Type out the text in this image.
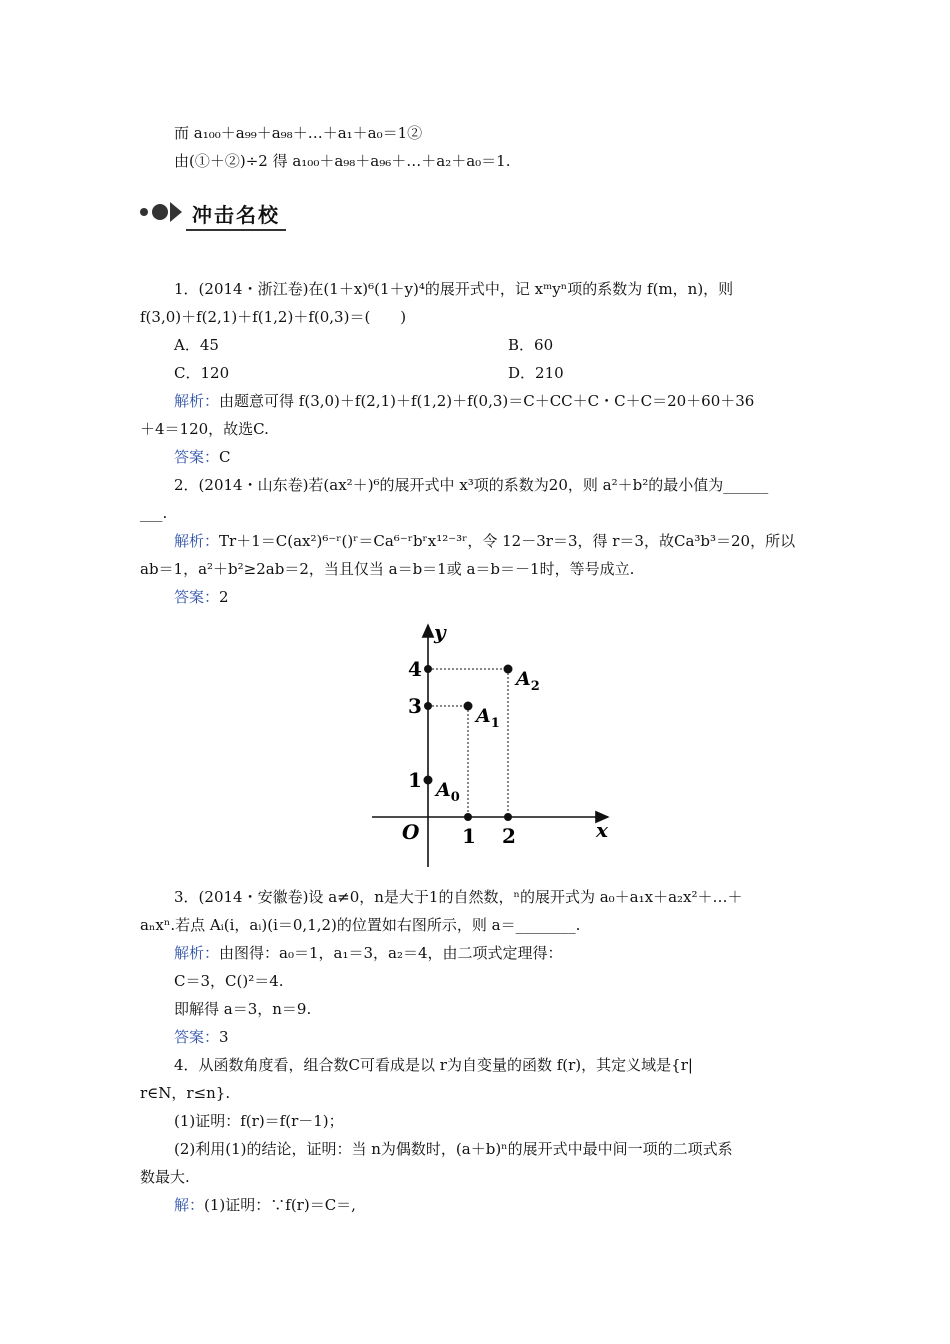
而 a₁₀₀＋a₉₉＋a₉₈＋…＋a₁＋a₀＝1②
由(①＋②)÷2 得 a₁₀₀＋a₉₈＋a₉₆＋…＋a₂＋a₀＝1.
冲击名校
1．(2014・浙江卷)在(1＋x)⁶(1＋y)⁴的展开式中，记 xᵐyⁿ项的系数为 f(m，n)，则
f(3,0)＋f(2,1)＋f(1,2)＋f(0,3)＝(　　)
A．45	B．60
C．120	D．210
解析：由题意可得 f(3,0)＋f(2,1)＋f(1,2)＋f(0,3)＝C＋CC＋C・C＋C＝20＋60＋36
＋4＝120，故选C.
答案：C
2．(2014・山东卷)若(ax²＋)⁶的展开式中 x³项的系数为20，则 a²＋b²的最小值为______
___.
解析：Tr＋1＝C(ax²)⁶⁻ʳ()ʳ＝Ca⁶⁻ʳbʳx¹²⁻³ʳ，令 12－3r＝3，得 r＝3，故Ca³b³＝20，所以
ab＝1，a²＋b²≥2ab＝2，当且仅当 a＝b＝1或 a＝b＝－1时，等号成立.
答案：2
x
y
O 1 2
1
3
4
$A_0$
$A_1$
$A_2$
3．(2014・安徽卷)设 a≠0，n是大于1的自然数，ⁿ的展开式为 a₀＋a₁x＋a₂x²＋…＋
aₙxⁿ.若点 Aᵢ(i，aᵢ)(i＝0,1,2)的位置如右图所示，则 a＝________.
解析：由图得：a₀＝1，a₁＝3，a₂＝4，由二项式定理得：
C＝3，C()²＝4.
即解得 a＝3，n＝9.
答案：3
4．从函数角度看，组合数C可看成是以 r为自变量的函数 f(r)，其定义域是{r|
r∈N，r≤n}.
(1)证明：f(r)＝f(r－1)；
(2)利用(1)的结论，证明：当 n为偶数时，(a＋b)ⁿ的展开式中最中间一项的二项式系
数最大.
解：(1)证明：∵f(r)＝C＝,
